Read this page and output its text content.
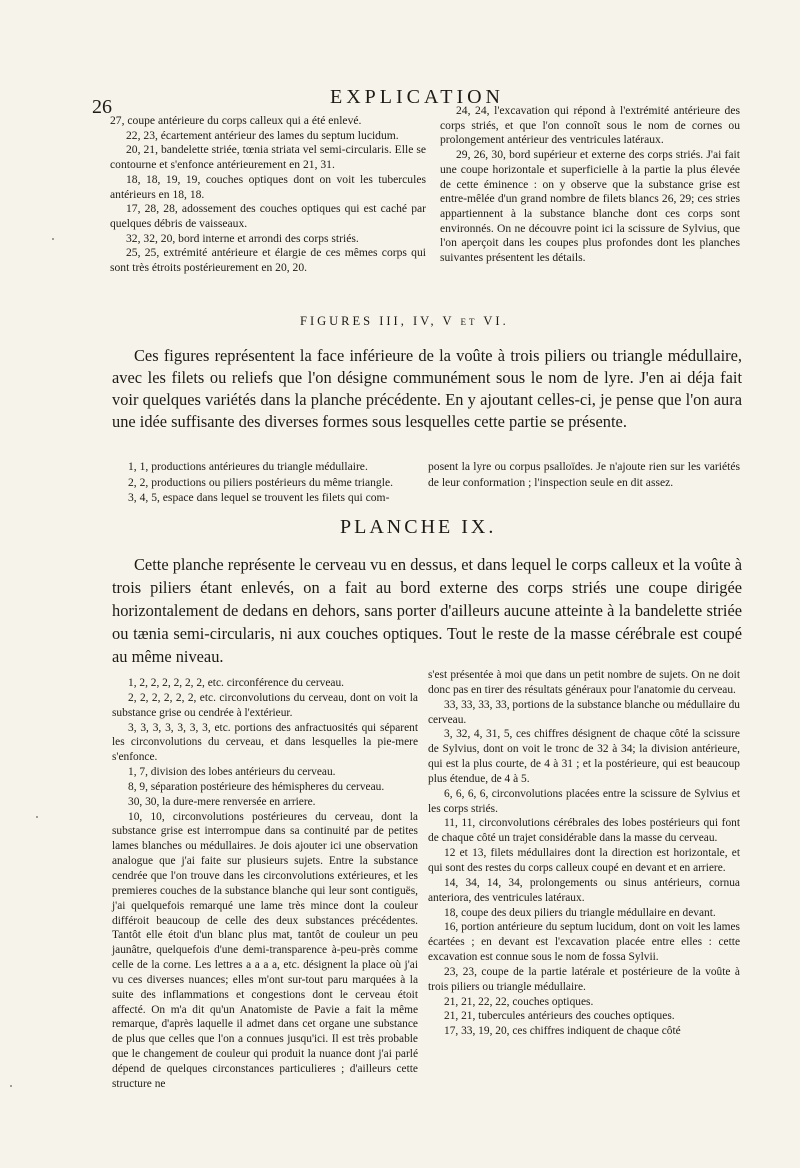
26	EXPLICATION

27, coupe antérieure du corps calleux qui a été enlevé.

22, 23, écartement antérieur des lames du septum lucidum.

20, 21, bandelette striée, tœnia striata vel semi-circularis. Elle se contourne et s'enfonce antérieurement en 21, 31.

18, 18, 19, 19, couches optiques dont on voit les tubercules antérieurs en 18, 18.

17, 28, 28, adossement des couches optiques qui est caché par quelques débris de vaisseaux.

32, 32, 20, bord interne et arrondi des corps striés.

25, 25, extrémité antérieure et élargie de ces mêmes corps qui sont très étroits postérieurement en 20, 20.

24, 24, l'excavation qui répond à l'extrémité antérieure des corps striés, et que l'on connoît sous le nom de cornes ou prolongement antérieur des ventricules latéraux.

29, 26, 30, bord supérieur et externe des corps striés. J'ai fait une coupe horizontale et superficielle à la partie la plus élevée de cette éminence : on y observe que la substance grise est entre-mêlée d'un grand nombre de filets blancs 26, 29; ces stries appartiennent à la substance blanche dont ces corps sont environnés. On ne découvre point ici la scissure de Sylvius, que l'on aperçoit dans les coupes plus profondes dont les planches suivantes présentent les détails.

FIGURES III, IV, V et VI.

Ces figures représentent la face inférieure de la voûte à trois piliers ou triangle médullaire, avec les filets ou reliefs que l'on désigne communément sous le nom de lyre. J'en ai déja fait voir quelques variétés dans la planche précédente. En y ajoutant celles-ci, je pense que l'on aura une idée suffisante des diverses formes sous lesquelles cette partie se présente.

1, 1, productions antérieures du triangle médullaire.

2, 2, productions ou piliers postérieurs du même triangle.

3, 4, 5, espace dans lequel se trouvent les filets qui com-

posent la lyre ou corpus psalloïdes. Je n'ajoute rien sur les variétés de leur conformation ; l'inspection seule en dit assez.

PLANCHE IX.

Cette planche représente le cerveau vu en dessus, et dans lequel le corps calleux et la voûte à trois piliers étant enlevés, on a fait au bord externe des corps striés une coupe dirigée horizontalement de dedans en dehors, sans porter d'ailleurs aucune atteinte à la bandelette striée ou tænia semi-circularis, ni aux couches optiques. Tout le reste de la masse cérébrale est coupé au même niveau.

1, 2, 2, 2, 2, 2, 2, etc. circonférence du cerveau.

2, 2, 2, 2, 2, 2, etc. circonvolutions du cerveau, dont on voit la substance grise ou cendrée à l'extérieur.

3, 3, 3, 3, 3, 3, 3, etc. portions des anfractuosités qui séparent les circonvolutions du cerveau, et dans lesquelles la pie-mere s'enfonce.

1, 7, division des lobes antérieurs du cerveau.

8, 9, séparation postérieure des hémispheres du cerveau.

30, 30, la dure-mere renversée en arriere.

10, 10, circonvolutions postérieures du cerveau, dont la substance grise est interrompue dans sa continuité par de petites lames blanches ou médullaires. Je dois ajouter ici une observation analogue que j'ai faite sur plusieurs sujets. Entre la substance cendrée que l'on trouve dans les circonvolutions extérieures, et les premieres couches de la substance blanche qui leur sont contiguës, j'ai quelquefois remarqué une lame très mince dont la couleur différoit beaucoup de celle des deux substances précédentes. Tantôt elle étoit d'un blanc plus mat, tantôt de couleur un peu jaunâtre, quelquefois d'une demi-transparence à-peu-près comme celle de la corne. Les lettres a a a a, etc. désignent la place où j'ai vu ces diverses nuances; elles m'ont sur-tout paru marquées à la suite des inflammations et congestions dont le cerveau étoit affecté. On m'a dit qu'un Anatomiste de Pavie a fait la même remarque, d'après laquelle il admet dans cet organe une substance de plus que celles que l'on a connues jusqu'ici. Il est très probable que le changement de couleur qui produit la nuance dont j'ai parlé dépend de quelques circonstances particulieres ; d'ailleurs cette structure ne

s'est présentée à moi que dans un petit nombre de sujets. On ne doit donc pas en tirer des résultats généraux pour l'anatomie du cerveau.

33, 33, 33, 33, portions de la substance blanche ou médullaire du cerveau.

3, 32, 4, 31, 5, ces chiffres désignent de chaque côté la scissure de Sylvius, dont on voit le tronc de 32 à 34; la division antérieure, qui est la plus courte, de 4 à 31 ; et la postérieure, qui est beaucoup plus étendue, de 4 à 5.

6, 6, 6, 6, circonvolutions placées entre la scissure de Sylvius et les corps striés.

11, 11, circonvolutions cérébrales des lobes postérieurs qui font de chaque côté un trajet considérable dans la masse du cerveau.

12 et 13, filets médullaires dont la direction est horizontale, et qui sont des restes du corps calleux coupé en devant et en arriere.

14, 34, 14, 34, prolongements ou sinus antérieurs, cornua anteriora, des ventricules latéraux.

18, coupe des deux piliers du triangle médullaire en devant.

16, portion antérieure du septum lucidum, dont on voit les lames écartées ; en devant est l'excavation placée entre elles : cette excavation est connue sous le nom de fossa Sylvii.

23, 23, coupe de la partie latérale et postérieure de la voûte à trois piliers ou triangle médullaire.

21, 21, 22, 22, couches optiques.

21, 21, tubercules antérieurs des couches optiques.

17, 33, 19, 20, ces chiffres indiquent de chaque côté
